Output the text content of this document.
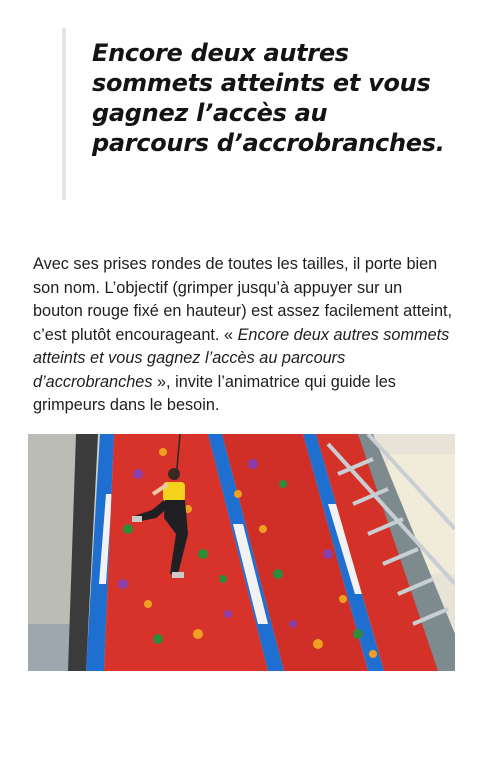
Encore deux autres sommets atteints et vous gagnez l’accès au parcours d’accrobranches.

Avec ses prises rondes de toutes les tailles, il porte bien son nom. L’objectif (grimper jusqu’à appuyer sur un bouton rouge fixé en hauteur) est assez facilement atteint, c’est plutôt encourageant. « Encore deux autres sommets atteints et vous gagnez l’accès au parcours d’accrobranches », invite l’animatrice qui guide les grimpeurs dans le besoin.
